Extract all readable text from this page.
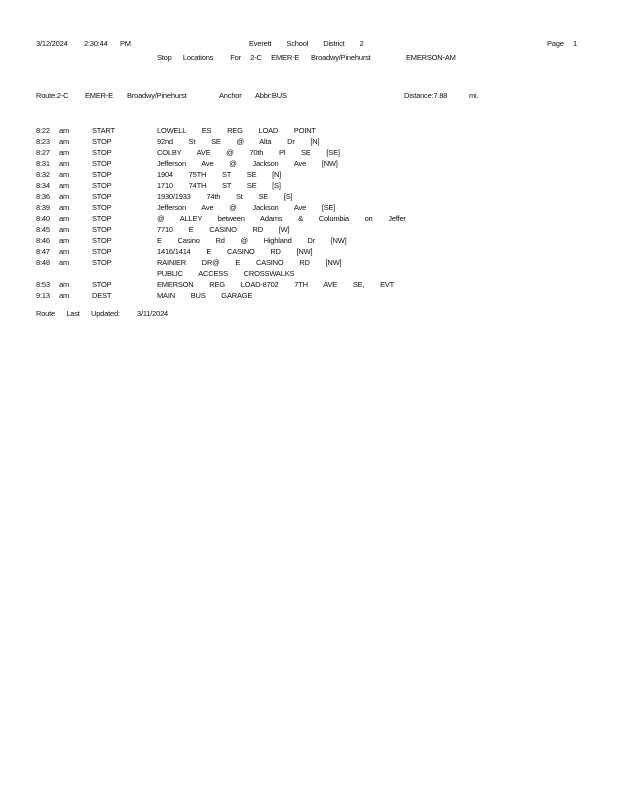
3/12/2024 2:30:44 PM	Everett        School        District        2	Page 1
Stop      Locations         For     2-C     EMER-E Broadwy/Pinehurst	EMERSON-AM
Route:2-C EMER-E Broadwy/Pinehurst	Anchor Abbr:BUS	Distance:7.88	mi.
8:22 am	START	LOWELL  ES  REG  LOAD  POINT
8:23 am	STOP	92nd  St  SE  @  Alta  Dr  [N]
8:27 am	STOP	COLBY  AVE  @  70th  Pl  SE  [SE]
8:31 am	STOP	Jefferson  Ave  @  Jackson  Ave  [NW]
8:32 am	STOP	1904  75TH  ST  SE  [N]
8:34 am	STOP	1710  74TH  ST  SE  [S]
8:36 am	STOP	1930/1933  74th  St  SE  [S]
8:39 am	STOP	Jefferson  Ave  @  Jackson  Ave  [SE]
8:40 am	STOP	@  ALLEY  between  Adams  &  Columbia  on  Jeffer
8:45 am	STOP	7710  E  CASINO  RD  [W]
8:46 am	STOP	E  Casino  Rd  @  Highland  Dr  [NW]
8:47 am	STOP	1416/1414  E  CASINO  RD  [NW]
8:48 am	STOP	RAINIER  DR@  E  CASINO  RD  [NW]
PUBLIC  ACCESS  CROSSWALKS
8:53 am	STOP	EMERSON  REG  LOAD-8702  7TH  AVE  SE,  EVT
9:13 am	DEST	MAIN  BUS  GARAGE
Route      Last      Updated: 3/11/2024
